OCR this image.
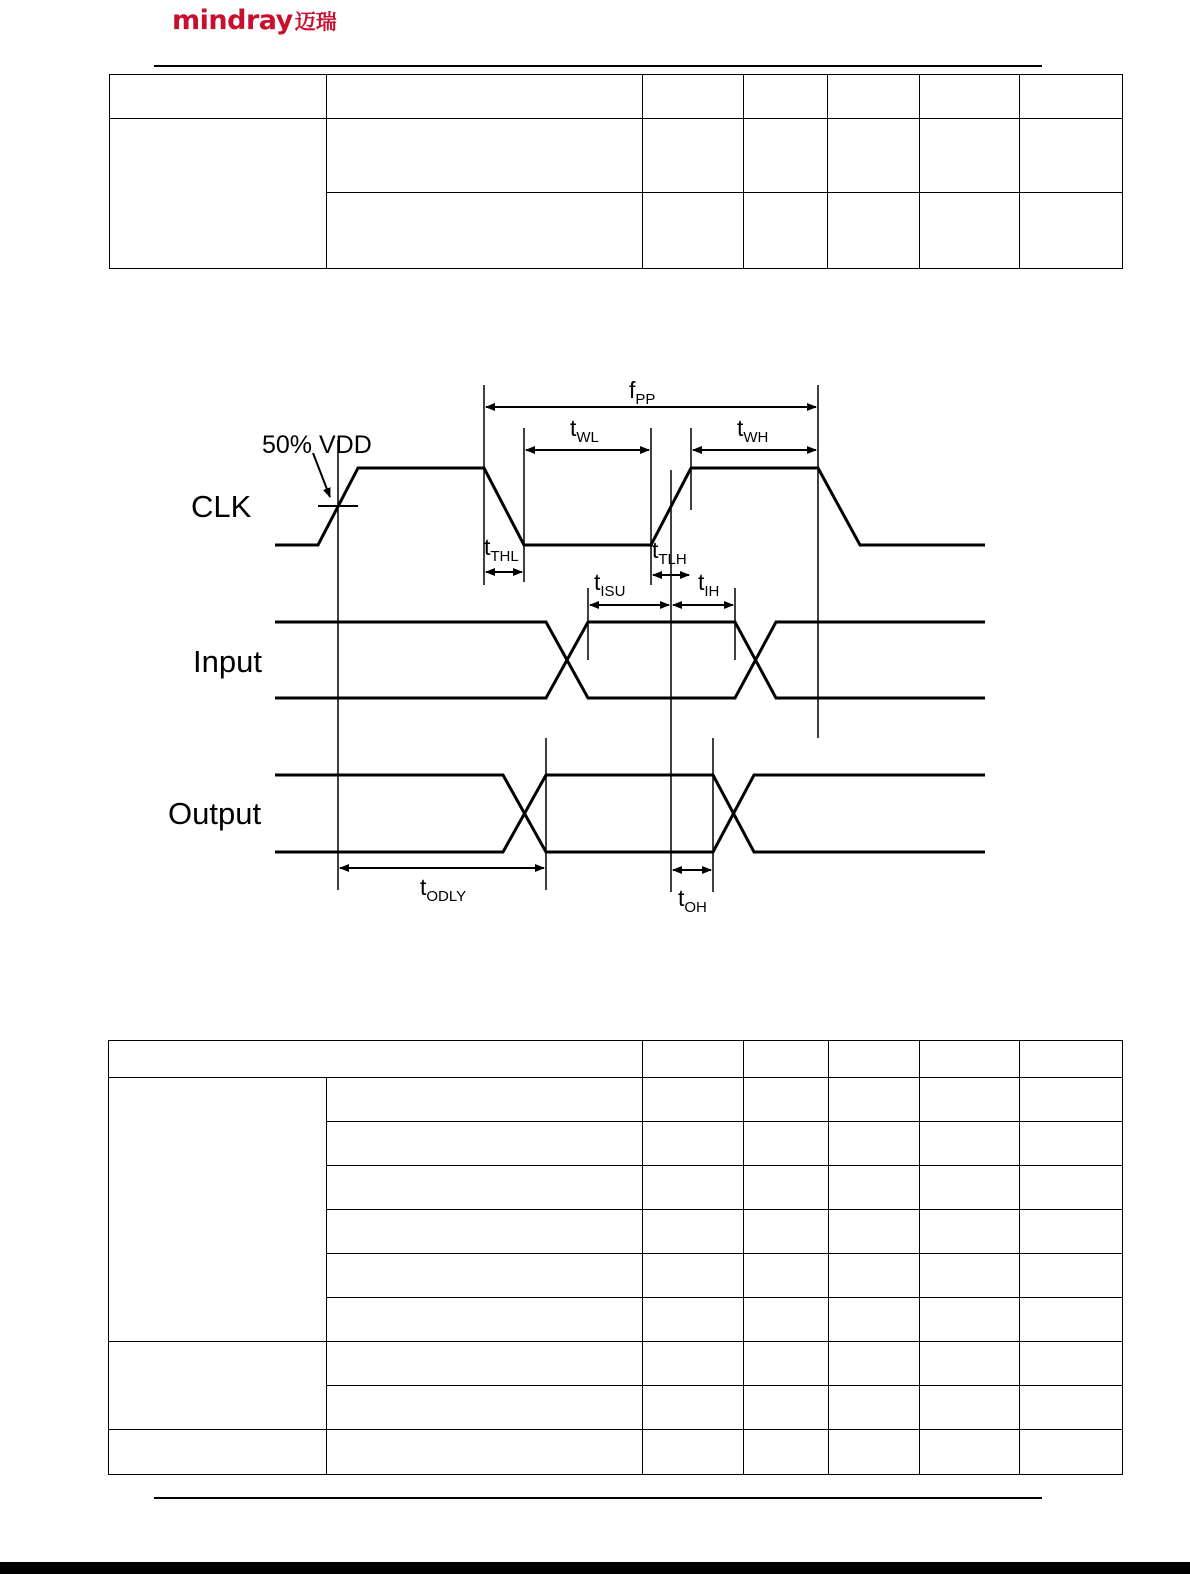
mindray 迈瑞
CLK
Input
Output
50% VDD
$f_{PP}$
$t_{WL}$	$t_{WH}$
$t_{THL}$	$t_{TLH}$
$t_{ISU}$	$t_{IH}$
$t_{ODLY}$	$t_{OH}$
